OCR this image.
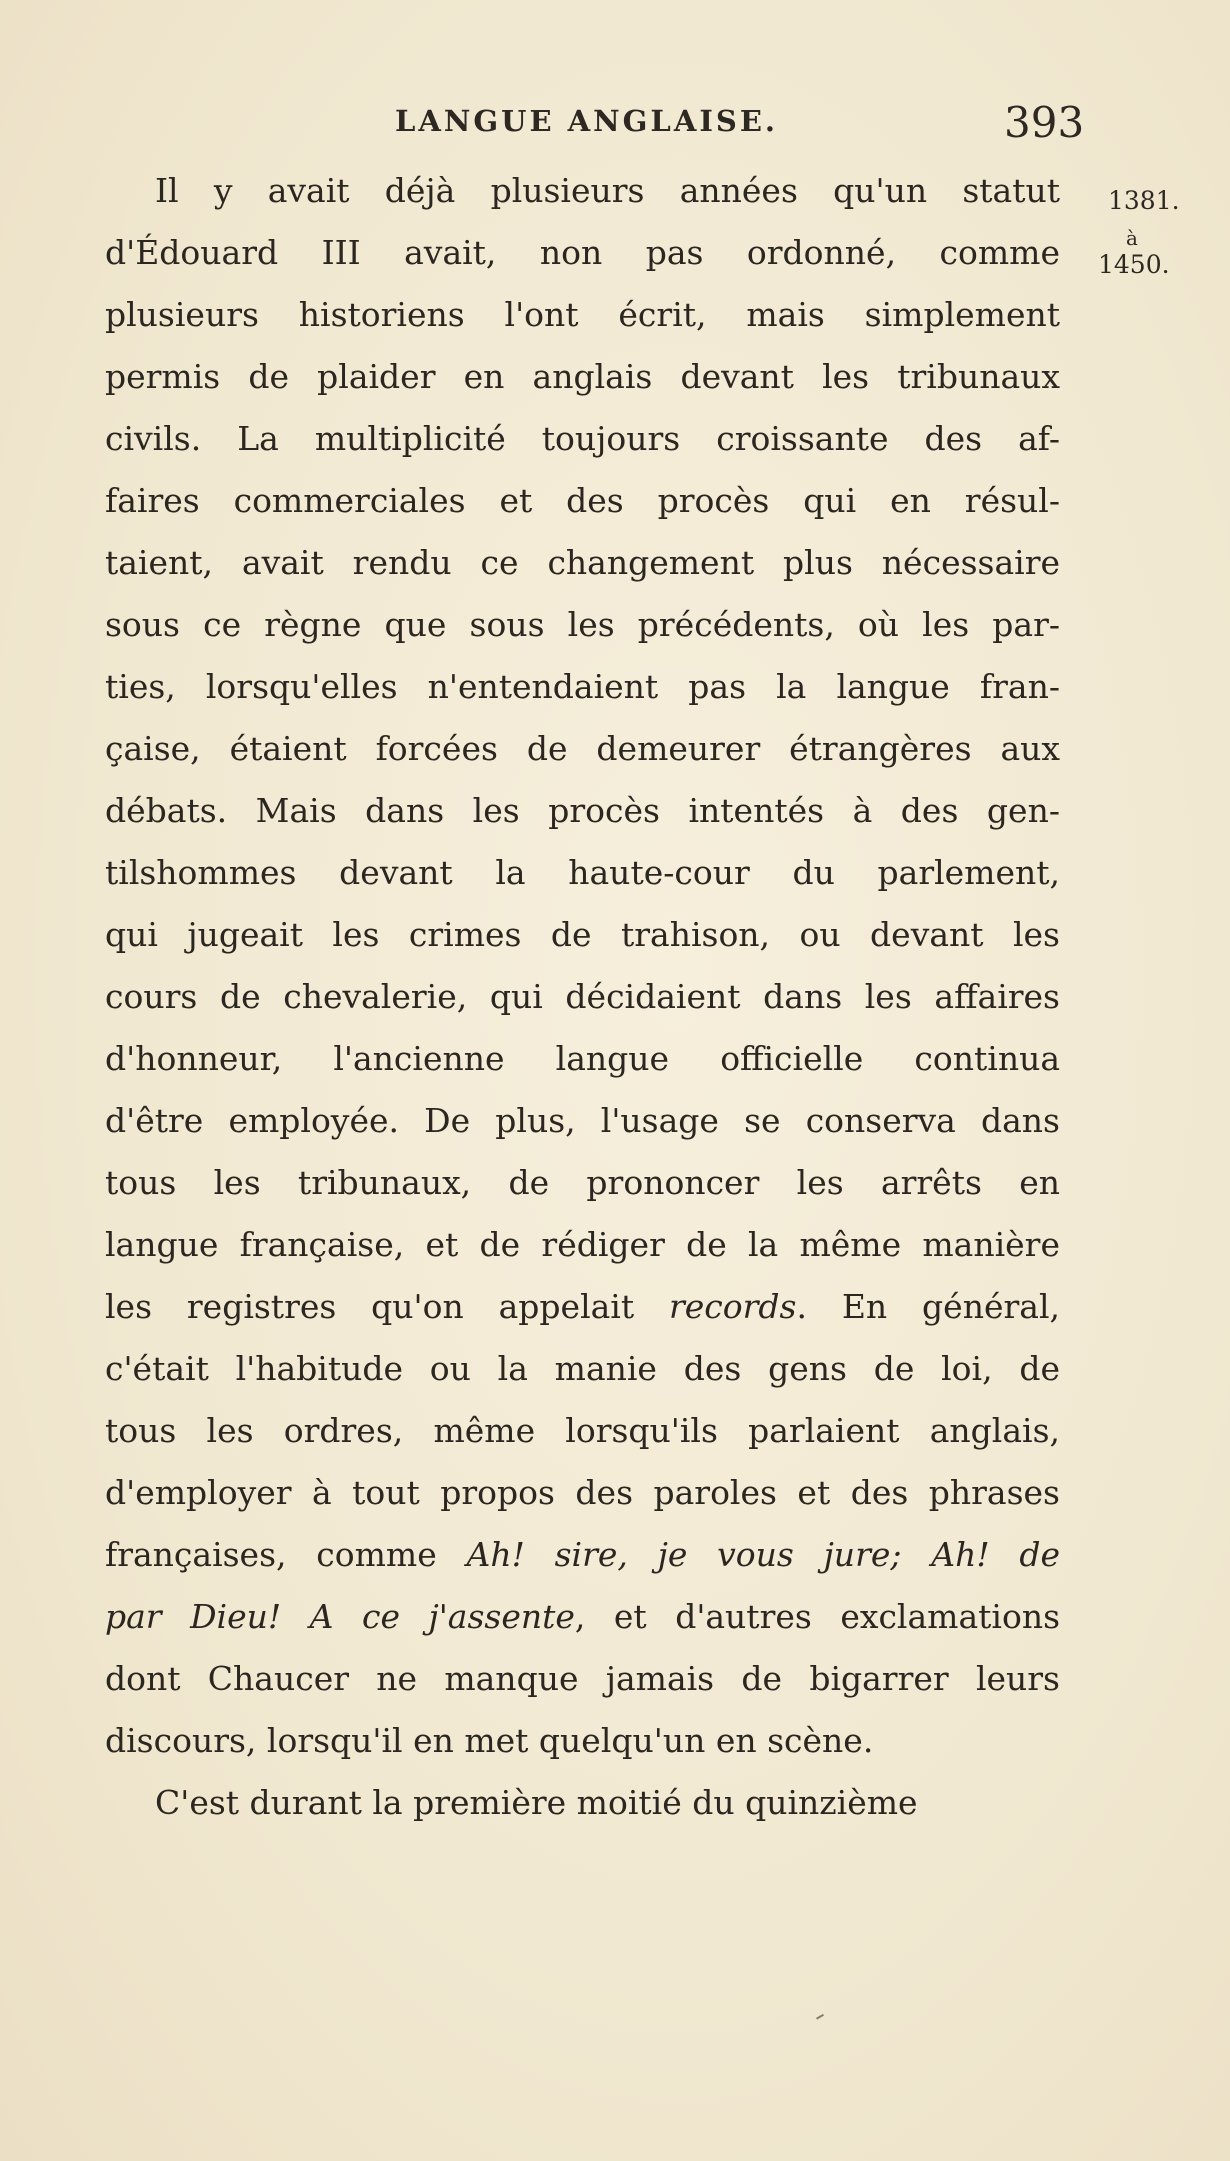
LANGUE ANGLAISE.	393
1381.
à
1450.
Il y avait déjà plusieurs années qu'un statut
d'Édouard III avait, non pas ordonné, comme
plusieurs historiens l'ont écrit, mais simplement
permis de plaider en anglais devant les tribunaux
civils. La multiplicité toujours croissante des af-
faires commerciales et des procès qui en résul-
taient, avait rendu ce changement plus nécessaire
sous ce règne que sous les précédents, où les par-
ties, lorsqu'elles n'entendaient pas la langue fran-
çaise, étaient forcées de demeurer étrangères aux
débats. Mais dans les procès intentés à des gen-
tilshommes devant la haute-cour du parlement,
qui jugeait les crimes de trahison, ou devant les
cours de chevalerie, qui décidaient dans les affaires
d'honneur, l'ancienne langue officielle continua
d'être employée. De plus, l'usage se conserva dans
tous les tribunaux, de prononcer les arrêts en
langue française, et de rédiger de la même manière
les registres qu'on appelait records. En général,
c'était l'habitude ou la manie des gens de loi, de
tous les ordres, même lorsqu'ils parlaient anglais,
d'employer à tout propos des paroles et des phrases
françaises, comme Ah! sire, je vous jure; Ah! de
par Dieu! A ce j'assente, et d'autres exclamations
dont Chaucer ne manque jamais de bigarrer leurs
discours, lorsqu'il en met quelqu'un en scène.
C'est durant la première moitié du quinzième
